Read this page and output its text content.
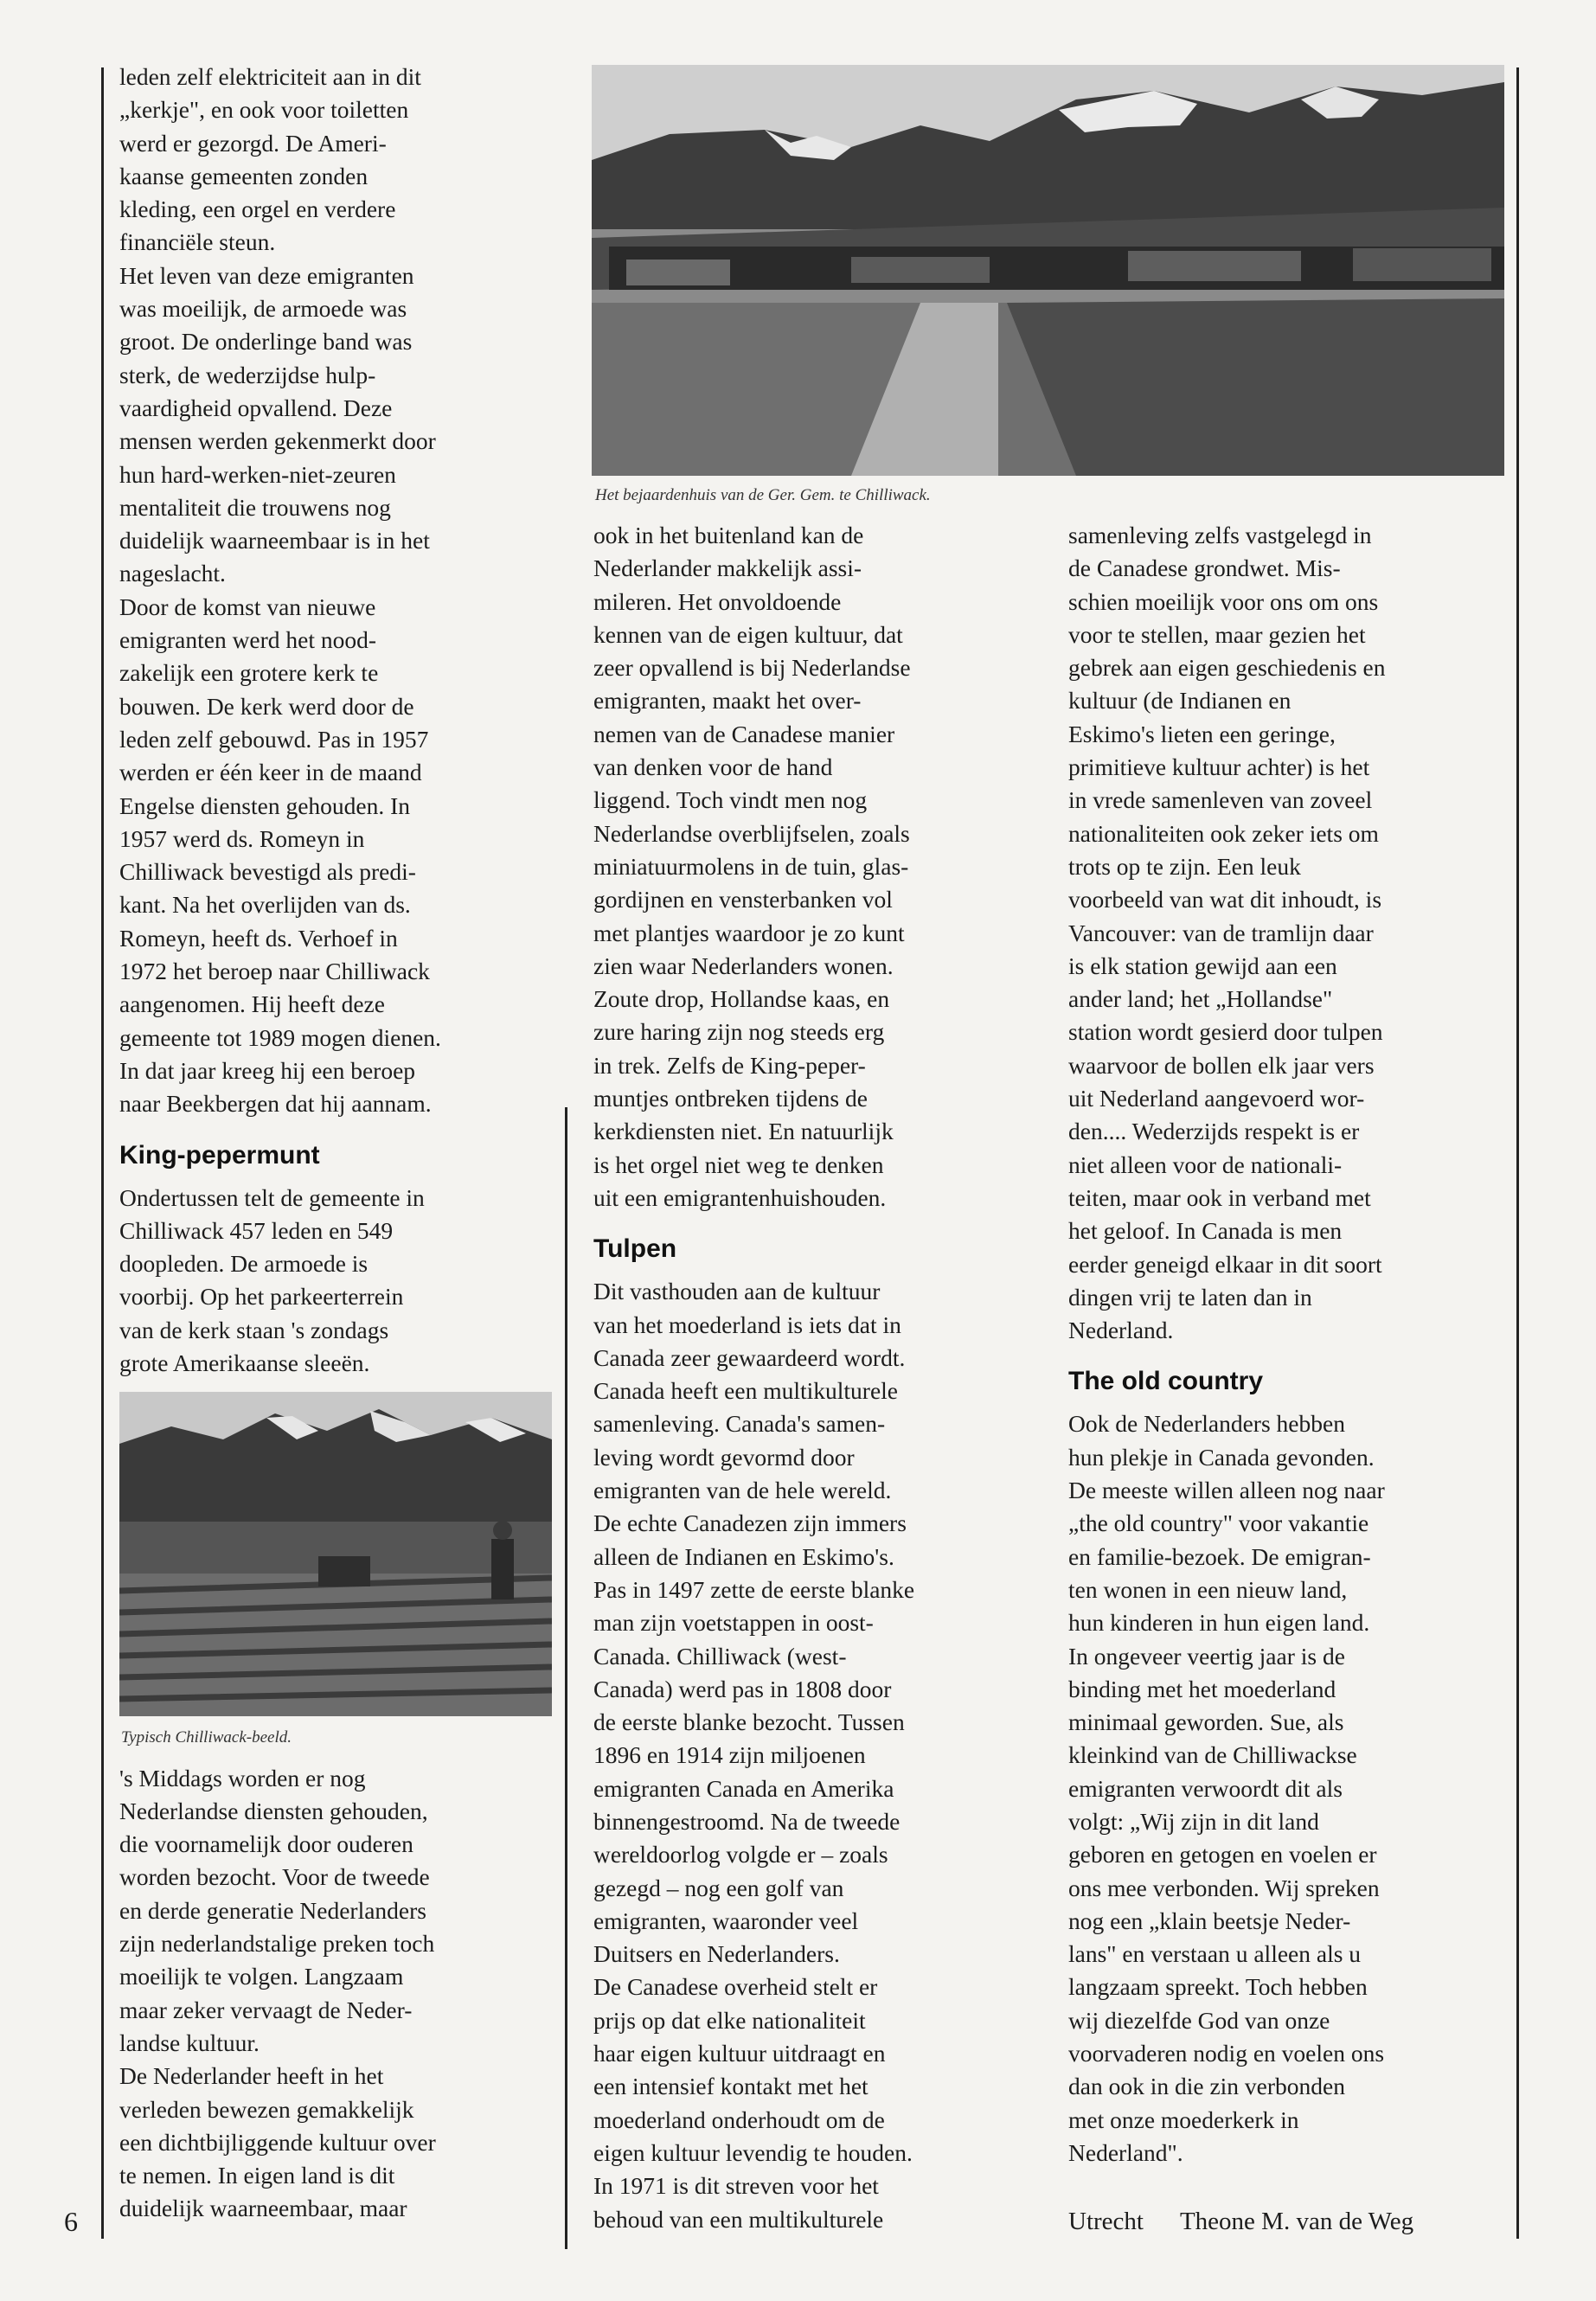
Het bejaardenhuis van de Ger. Gem. te Chilliwack.

leden zelf elektriciteit aan in dit

„kerkje", en ook voor toiletten

werd er gezorgd. De Ameri-

kaanse gemeenten zonden

kleding, een orgel en verdere

financiële steun.

Het leven van deze emigranten

was moeilijk, de armoede was

groot. De onderlinge band was

sterk, de wederzijdse hulp-

vaardigheid opvallend. Deze

mensen werden gekenmerkt door

hun hard-werken-niet-zeuren

mentaliteit die trouwens nog

duidelijk waarneembaar is in het

nageslacht.

Door de komst van nieuwe

emigranten werd het nood-

zakelijk een grotere kerk te

bouwen. De kerk werd door de

leden zelf gebouwd. Pas in 1957

werden er één keer in de maand

Engelse diensten gehouden. In

1957 werd ds. Romeyn in

Chilliwack bevestigd als predi-

kant. Na het overlijden van ds.

Romeyn, heeft ds. Verhoef in

1972 het beroep naar Chilliwack

aangenomen. Hij heeft deze

gemeente tot 1989 mogen dienen.

In dat jaar kreeg hij een beroep

naar Beekbergen dat hij aannam.

King-pepermunt

Ondertussen telt de gemeente in

Chilliwack 457 leden en 549

doopleden. De armoede is

voorbij. Op het parkeerterrein

van de kerk staan 's zondags

grote Amerikaanse sleeën.

Typisch Chilliwack-beeld.

's Middags worden er nog

Nederlandse diensten gehouden,

die voornamelijk door ouderen

worden bezocht. Voor de tweede

en derde generatie Nederlanders

zijn nederlandstalige preken toch

moeilijk te volgen. Langzaam

maar zeker vervaagt de Neder-

landse kultuur.

De Nederlander heeft in het

verleden bewezen gemakkelijk

een dichtbijliggende kultuur over

te nemen. In eigen land is dit

duidelijk waarneembaar, maar

ook in het buitenland kan de

Nederlander makkelijk assi-

mileren. Het onvoldoende

kennen van de eigen kultuur, dat

zeer opvallend is bij Nederlandse

emigranten, maakt het over-

nemen van de Canadese manier

van denken voor de hand

liggend. Toch vindt men nog

Nederlandse overblijfselen, zoals

miniatuurmolens in de tuin, glas-

gordijnen en vensterbanken vol

met plantjes waardoor je zo kunt

zien waar Nederlanders wonen.

Zoute drop, Hollandse kaas, en

zure haring zijn nog steeds erg

in trek. Zelfs de King-peper-

muntjes ontbreken tijdens de

kerkdiensten niet. En natuurlijk

is het orgel niet weg te denken

uit een emigrantenhuishouden.

Tulpen

Dit vasthouden aan de kultuur

van het moederland is iets dat in

Canada zeer gewaardeerd wordt.

Canada heeft een multikulturele

samenleving. Canada's samen-

leving wordt gevormd door

emigranten van de hele wereld.

De echte Canadezen zijn immers

alleen de Indianen en Eskimo's.

Pas in 1497 zette de eerste blanke

man zijn voetstappen in oost-

Canada. Chilliwack (west-

Canada) werd pas in 1808 door

de eerste blanke bezocht. Tussen

1896 en 1914 zijn miljoenen

emigranten Canada en Amerika

binnengestroomd. Na de tweede

wereldoorlog volgde er – zoals

gezegd – nog een golf van

emigranten, waaronder veel

Duitsers en Nederlanders.

De Canadese overheid stelt er

prijs op dat elke nationaliteit

haar eigen kultuur uitdraagt en

een intensief kontakt met het

moederland onderhoudt om de

eigen kultuur levendig te houden.

In 1971 is dit streven voor het

behoud van een multikulturele

samenleving zelfs vastgelegd in

de Canadese grondwet. Mis-

schien moeilijk voor ons om ons

voor te stellen, maar gezien het

gebrek aan eigen geschiedenis en

kultuur (de Indianen en

Eskimo's lieten een geringe,

primitieve kultuur achter) is het

in vrede samenleven van zoveel

nationaliteiten ook zeker iets om

trots op te zijn. Een leuk

voorbeeld van wat dit inhoudt, is

Vancouver: van de tramlijn daar

is elk station gewijd aan een

ander land; het „Hollandse"

station wordt gesierd door tulpen

waarvoor de bollen elk jaar vers

uit Nederland aangevoerd wor-

den.... Wederzijds respekt is er

niet alleen voor de nationali-

teiten, maar ook in verband met

het geloof. In Canada is men

eerder geneigd elkaar in dit soort

dingen vrij te laten dan in

Nederland.

The old country

Ook de Nederlanders hebben

hun plekje in Canada gevonden.

De meeste willen alleen nog naar

„the old country" voor vakantie

en familie-bezoek. De emigran-

ten wonen in een nieuw land,

hun kinderen in hun eigen land.

In ongeveer veertig jaar is de

binding met het moederland

minimaal geworden. Sue, als

kleinkind van de Chilliwackse

emigranten verwoordt dit als

volgt: „Wij zijn in dit land

geboren en getogen en voelen er

ons mee verbonden. Wij spreken

nog een „klain beetsje Neder-

lans" en verstaan u alleen als u

langzaam spreekt. Toch hebben

wij diezelfde God van onze

voorvaderen nodig en voelen ons

dan ook in die zin verbonden

met onze moederkerk in

Nederland".

Utrecht Theone M. van de Weg
6
